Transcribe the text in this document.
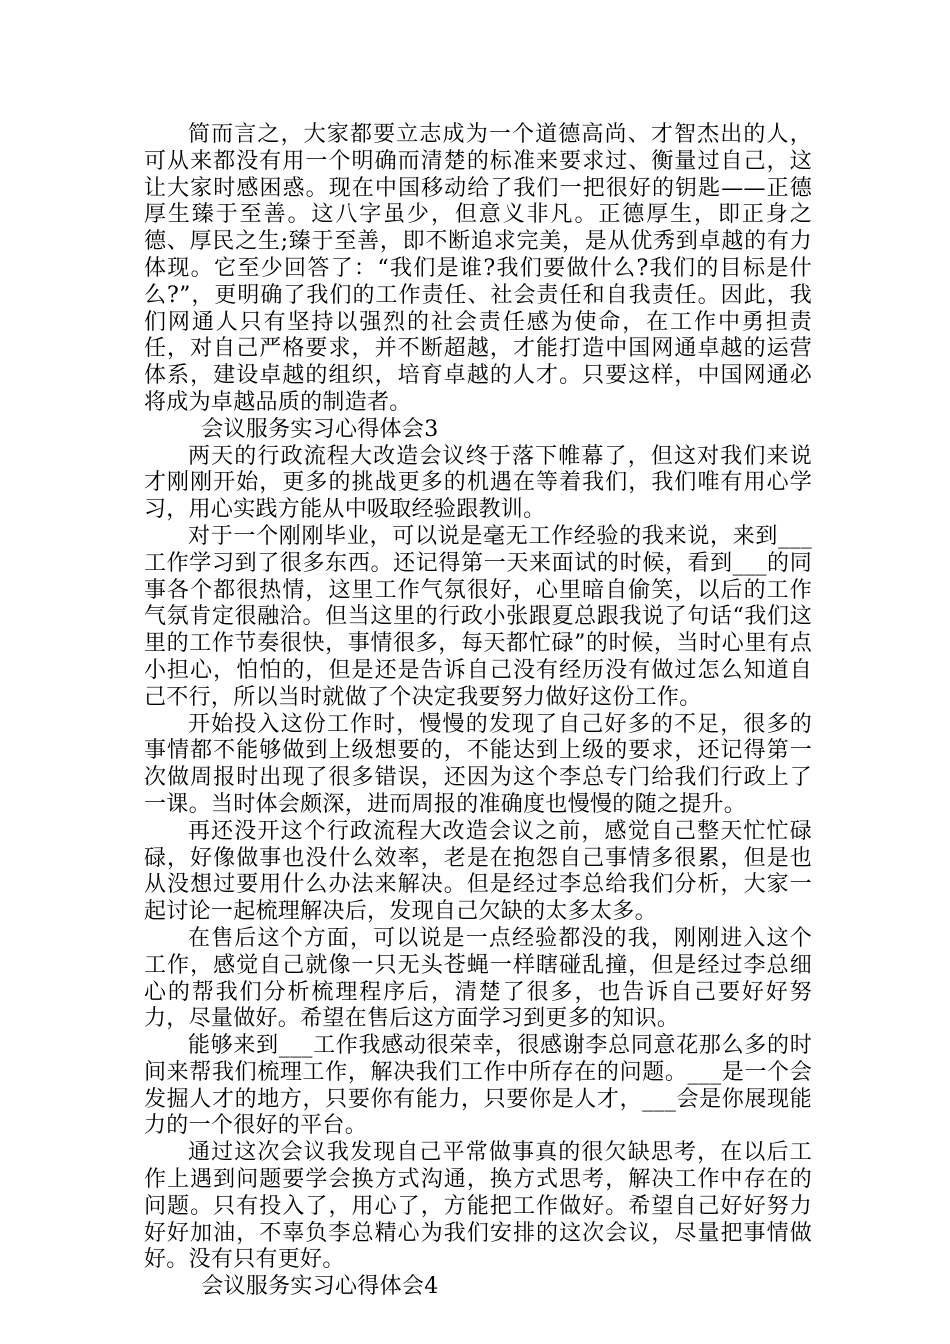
简而言之，大家都要立志成为一个道德高尚、才智杰出的人，可从来都没有用一个明确而清楚的标准来要求过、衡量过自己，这让大家时感困惑。现在中国移动给了我们一把很好的钥匙——正德厚生臻于至善。这八字虽少，但意义非凡。正德厚生，即正身之德、厚民之生;臻于至善，即不断追求完美，是从优秀到卓越的有力体现。它至少回答了：“我们是谁?我们要做什么?我们的目标是什么?”，更明确了我们的工作责任、社会责任和自我责任。因此，我们网通人只有坚持以强烈的社会责任感为使命，在工作中勇担责任，对自己严格要求，并不断超越，才能打造中国网通卓越的运营体系，建设卓越的组织，培育卓越的人才。只要这样，中国网通必将成为卓越品质的制造者。

会议服务实习心得体会3

两天的行政流程大改造会议终于落下帷幕了，但这对我们来说才刚刚开始，更多的挑战更多的机遇在等着我们，我们唯有用心学习，用心实践方能从中吸取经验跟教训。

对于一个刚刚毕业，可以说是毫无工作经验的我来说，来到___工作学习到了很多东西。还记得第一天来面试的时候，看到___的同事各个都很热情，这里工作气氛很好，心里暗自偷笑，以后的工作气氛肯定很融洽。但当这里的行政小张跟夏总跟我说了句话“我们这里的工作节奏很快，事情很多，每天都忙碌”的时候，当时心里有点小担心，怕怕的，但是还是告诉自己没有经历没有做过怎么知道自己不行，所以当时就做了个决定我要努力做好这份工作。

开始投入这份工作时，慢慢的发现了自己好多的不足，很多的事情都不能够做到上级想要的，不能达到上级的要求，还记得第一次做周报时出现了很多错误，还因为这个李总专门给我们行政上了一课。当时体会颇深，进而周报的准确度也慢慢的随之提升。

再还没开这个行政流程大改造会议之前，感觉自己整天忙忙碌碌，好像做事也没什么效率，老是在抱怨自己事情多很累，但是也从没想过要用什么办法来解决。但是经过李总给我们分析，大家一起讨论一起梳理解决后，发现自己欠缺的太多太多。

在售后这个方面，可以说是一点经验都没的我，刚刚进入这个工作，感觉自己就像一只无头苍蝇一样瞎碰乱撞，但是经过李总细心的帮我们分析梳理程序后，清楚了很多，也告诉自己要好好努力，尽量做好。希望在售后这方面学习到更多的知识。

能够来到___工作我感动很荣幸，很感谢李总同意花那么多的时间来帮我们梳理工作，解决我们工作中所存在的问题。___是一个会发掘人才的地方，只要你有能力，只要你是人才，___会是你展现能力的一个很好的平台。

通过这次会议我发现自己平常做事真的很欠缺思考，在以后工作上遇到问题要学会换方式沟通，换方式思考，解决工作中存在的问题。只有投入了，用心了，方能把工作做好。希望自己好好努力好好加油，不辜负李总精心为我们安排的这次会议，尽量把事情做好。没有只有更好。

会议服务实习心得体会4
